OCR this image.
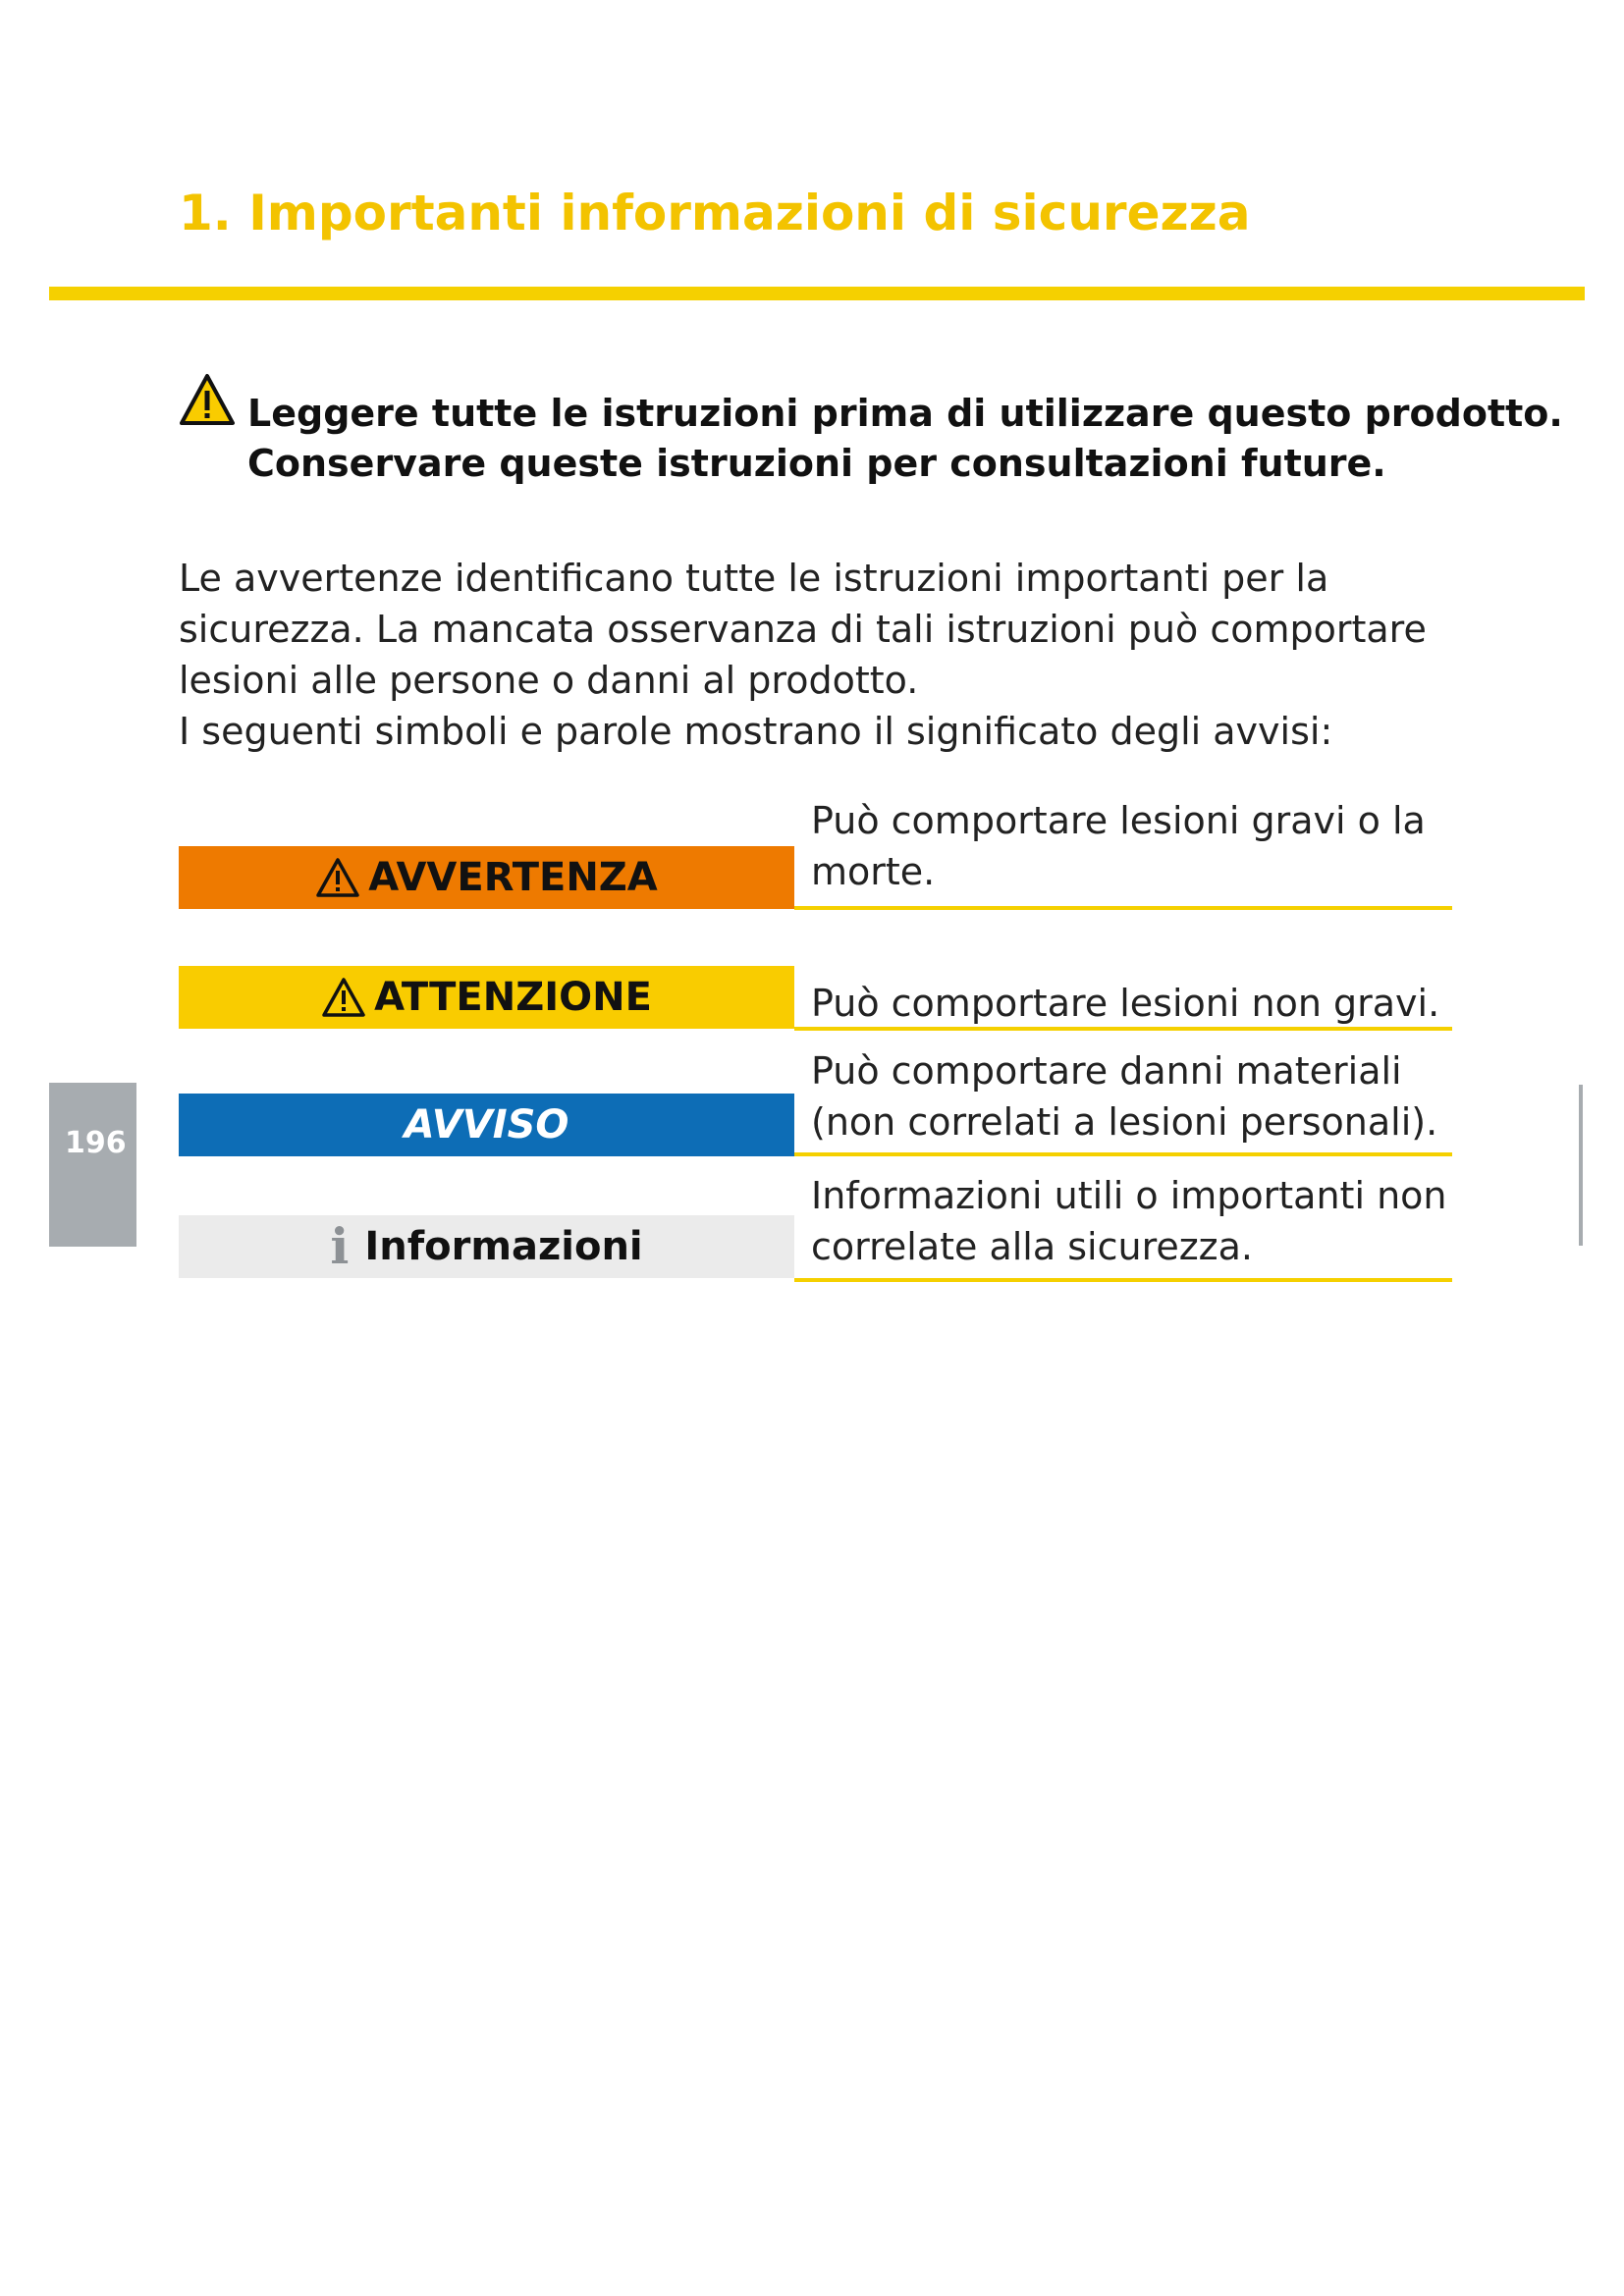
1. Importanti informazioni di sicurezza
Leggere tutte le istruzioni prima di utilizzare questo prodotto.
Conservare queste istruzioni per consultazioni future.
Le avvertenze identificano tutte le istruzioni importanti per la
sicurezza. La mancata osservanza di tali istruzioni può comportare
lesioni alle persone o danni al prodotto.
I seguenti simboli e parole mostrano il significato degli avvisi:
AVVERTENZA
Può comportare lesioni gravi o la
morte.
ATTENZIONE	Può comportare lesioni non gravi.
AVVISO
Può comportare danni materiali
(non correlati a lesioni personali).
i Informazioni
Informazioni utili o importanti non
correlate alla sicurezza.
196
